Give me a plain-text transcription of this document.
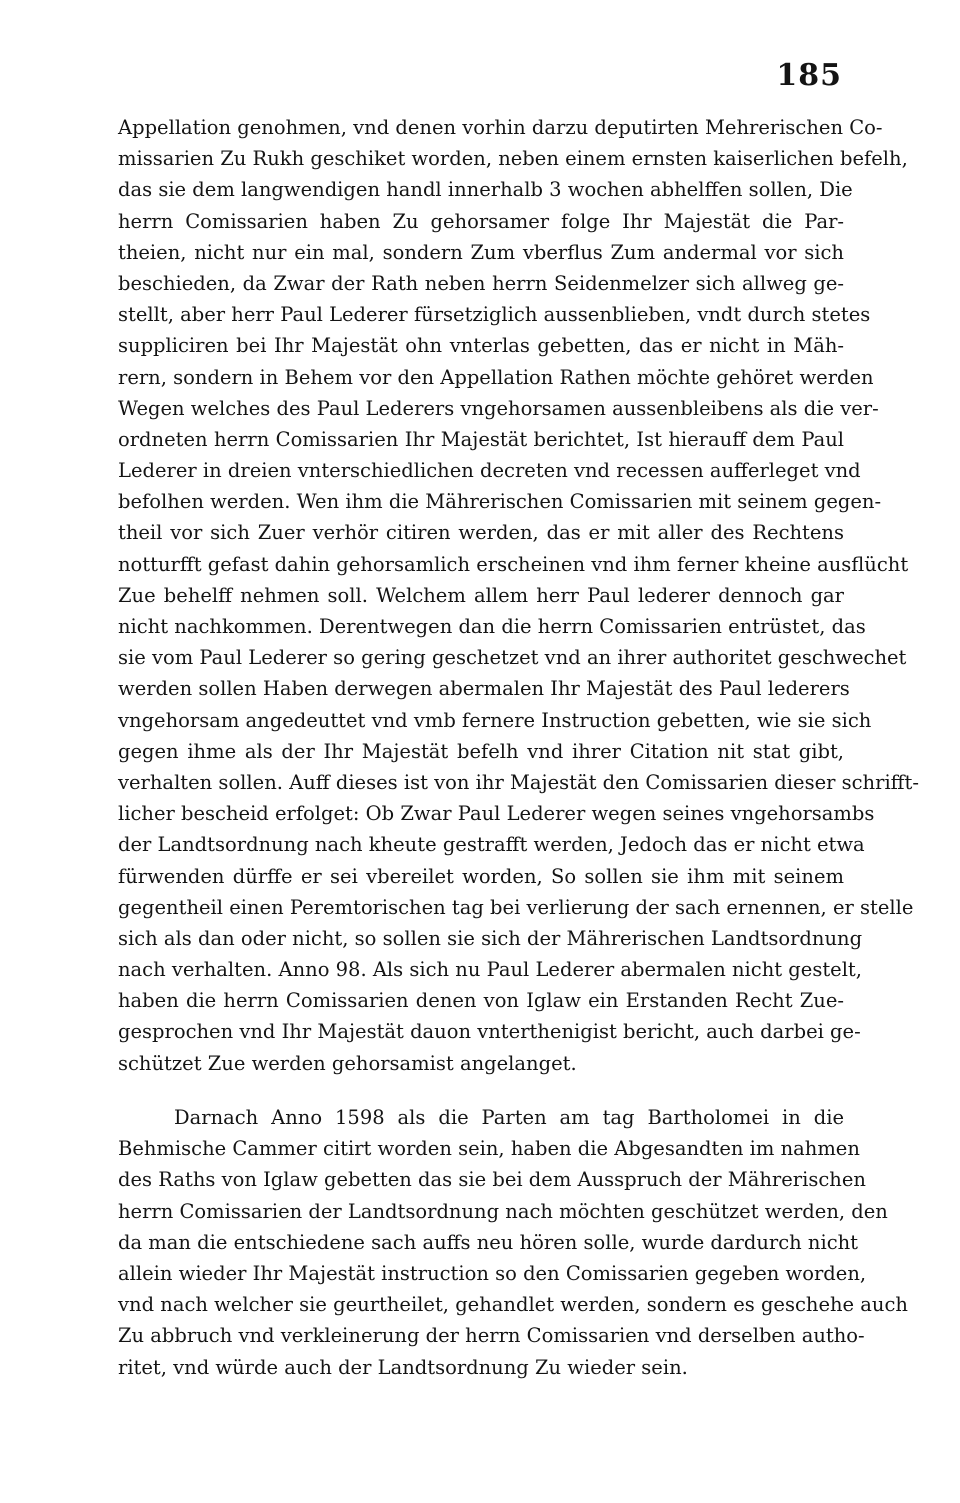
185
Appellation genohmen, vnd denen vorhin darzu deputirten Mehrerischen Co-
missarien Zu Rukh geschiket worden, neben einem ernsten kaiserlichen befelh,
das sie dem langwendigen handl innerhalb 3 wochen abhelffen sollen, Die
herrn Comissarien haben Zu gehorsamer folge Ihr Majestät die Par-
theien, nicht nur ein mal, sondern Zum vberflus Zum andermal vor sich
beschieden, da Zwar der Rath neben herrn Seidenmelzer sich allweg ge-
stellt, aber herr Paul Lederer fürsetziglich aussenblieben, vndt durch stetes
suppliciren bei Ihr Majestät ohn vnterlas gebetten, das er nicht in Mäh-
rern, sondern in Behem vor den Appellation Rathen möchte gehöret werden
Wegen welches des Paul Lederers vngehorsamen aussenbleibens als die ver-
ordneten herrn Comissarien Ihr Majestät berichtet, Ist hierauff dem Paul
Lederer in dreien vnterschiedlichen decreten vnd recessen aufferleget vnd
befolhen werden. Wen ihm die Mährerischen Comissarien mit seinem gegen-
theil vor sich Zuer verhör citiren werden, das er mit aller des Rechtens
notturfft gefast dahin gehorsamlich erscheinen vnd ihm ferner kheine ausflücht
Zue behelff nehmen soll. Welchem allem herr Paul lederer dennoch gar
nicht nachkommen. Derentwegen dan die herrn Comissarien entrüstet, das
sie vom Paul Lederer so gering geschetzet vnd an ihrer authoritet geschwechet
werden sollen Haben derwegen abermalen Ihr Majestät des Paul lederers
vngehorsam angedeuttet vnd vmb fernere Instruction gebetten, wie sie sich
gegen ihme als der Ihr Majestät befelh vnd ihrer Citation nit stat gibt,
verhalten sollen. Auff dieses ist von ihr Majestät den Comissarien dieser schrifft-
licher bescheid erfolget: Ob Zwar Paul Lederer wegen seines vngehorsambs
der Landtsordnung nach kheute gestrafft werden, Jedoch das er nicht etwa
fürwenden dürffe er sei vbereilet worden, So sollen sie ihm mit seinem
gegentheil einen Peremtorischen tag bei verlierung der sach ernennen, er stelle
sich als dan oder nicht, so sollen sie sich der Mährerischen Landtsordnung
nach verhalten. Anno 98. Als sich nu Paul Lederer abermalen nicht gestelt,
haben die herrn Comissarien denen von Iglaw ein Erstanden Recht Zue-
gesprochen vnd Ihr Majestät dauon vnterthenigist bericht, auch darbei ge-
schützet Zue werden gehorsamist angelanget.
Darnach Anno 1598 als die Parten am tag Bartholomei in die
Behmische Cammer citirt worden sein, haben die Abgesandten im nahmen
des Raths von Iglaw gebetten das sie bei dem Ausspruch der Mährerischen
herrn Comissarien der Landtsordnung nach möchten geschützet werden, den
da man die entschiedene sach auffs neu hören solle, wurde dardurch nicht
allein wieder Ihr Majestät instruction so den Comissarien gegeben worden,
vnd nach welcher sie geurtheilet, gehandlet werden, sondern es geschehe auch
Zu abbruch vnd verkleinerung der herrn Comissarien vnd derselben autho-
ritet, vnd würde auch der Landtsordnung Zu wieder sein.
